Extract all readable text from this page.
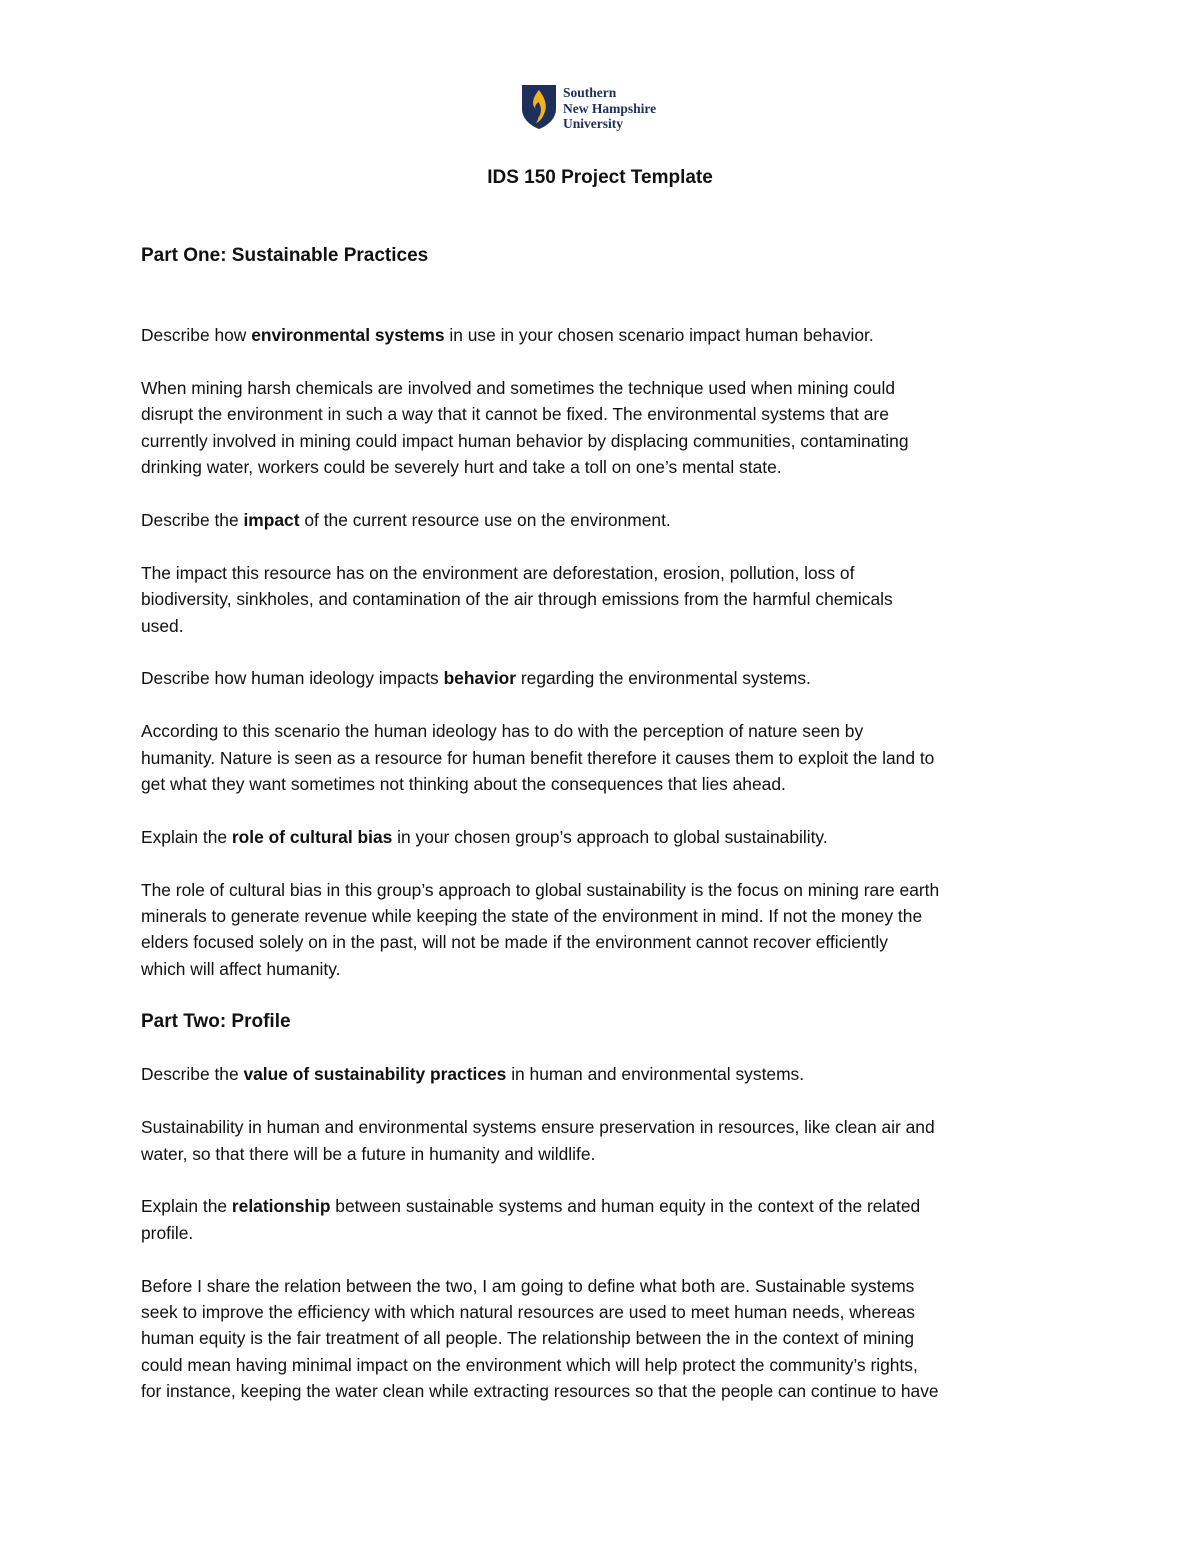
Southern
New Hampshire
University
IDS 150 Project Template
Part One: Sustainable Practices

Describe how environmental systems in use in your chosen scenario impact human behavior.

When mining harsh chemicals are involved and sometimes the technique used when mining could

disrupt the environment in such a way that it cannot be fixed. The environmental systems that are

currently involved in mining could impact human behavior by displacing communities, contaminating

drinking water, workers could be severely hurt and take a toll on one’s mental state.

Describe the impact of the current resource use on the environment.

The impact this resource has on the environment are deforestation, erosion, pollution, loss of

biodiversity, sinkholes, and contamination of the air through emissions from the harmful chemicals

used.

Describe how human ideology impacts behavior regarding the environmental systems.

According to this scenario the human ideology has to do with the perception of nature seen by

humanity. Nature is seen as a resource for human benefit therefore it causes them to exploit the land to

get what they want sometimes not thinking about the consequences that lies ahead.

Explain the role of cultural bias in your chosen group’s approach to global sustainability.

The role of cultural bias in this group’s approach to global sustainability is the focus on mining rare earth

minerals to generate revenue while keeping the state of the environment in mind. If not the money the

elders focused solely on in the past, will not be made if the environment cannot recover efficiently

which will affect humanity.

Part Two: Profile

Describe the value of sustainability practices in human and environmental systems.

Sustainability in human and environmental systems ensure preservation in resources, like clean air and

water, so that there will be a future in humanity and wildlife.

Explain the relationship between sustainable systems and human equity in the context of the related

profile.

Before I share the relation between the two, I am going to define what both are. Sustainable systems

seek to improve the efficiency with which natural resources are used to meet human needs, whereas

human equity is the fair treatment of all people. The relationship between the in the context of mining

could mean having minimal impact on the environment which will help protect the community’s rights,

for instance, keeping the water clean while extracting resources so that the people can continue to have
